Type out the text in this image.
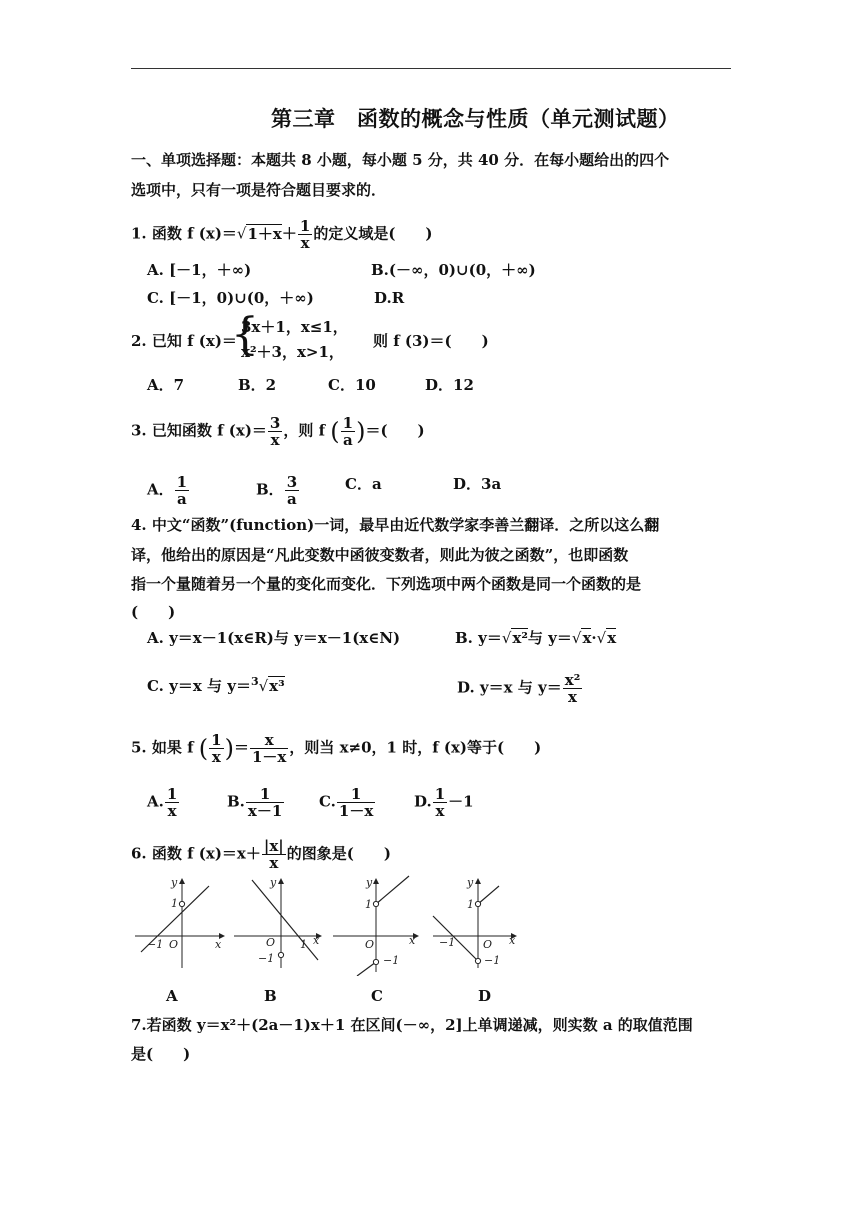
第三章　函数的概念与性质（单元测试题）
一、单项选择题：本题共 8 小题，每小题 5 分，共 40 分．在每小题给出的四个
选项中，只有一项是符合题目要求的．
1. 函数 f $(x)=√1+x+ \frac{1}{x}$ 的定义域是(　　)
A. [－1，＋∞)	B.(－∞，0)∪(0，＋∞)
C. [－1，0)∪(0，＋∞)	D.R
2. 已知 f (x)＝
{
3x＋1，x≤1，
x²＋3，x>1，
则 f (3)＝(　　)
A．7	B．2	C．10	D．12
3. 已知函数 f $(x)= \frac{3}{x}$ ，则 f ( $\frac{1}{a}$ )＝(　　)
A． $\frac{1}{a}$	B． $\frac{3}{a}$	C．a	D．3a
4. 中文“函数”(function)一词，最早由近代数学家李善兰翻译．之所以这么翻
译，他给出的原因是“凡此变数中函彼变数者，则此为彼之函数”，也即函数
指一个量随着另一个量的变化而变化．下列选项中两个函数是同一个函数的是
(　　)
A. y＝x－1(x∈R)与 y＝x－1(x∈N)	B. y＝√x²与 y＝√x·√x
C. y＝x 与 y＝$^3$√x³	D. y＝x 与 $y= \frac{\text{x²}}{x}$
5. 如果 f ( $\frac{1}{x}$ )＝ $\frac{x}{1-x}$ ，则当 x≠0，1 时，f (x)等于(　　)
A. $\frac{1}{x}$	B. $\frac{1}{x-1} C$. $\frac{1}{1-x}$	D. $\frac{1}{x} -1$
6. 函数 f $(x)=x+ \frac{|x|}{x}$ 的图象是(　　)
y
x
O
1
−1
A
y
x
O 1
−1
B
y
x
O
1
−1
C
y
x
O
1
−1
−1
D
7.若函数 y＝x²＋(2a－1)x＋1 在区间(－∞，2]上单调递减，则实数 a 的取值范围
是(　　)
